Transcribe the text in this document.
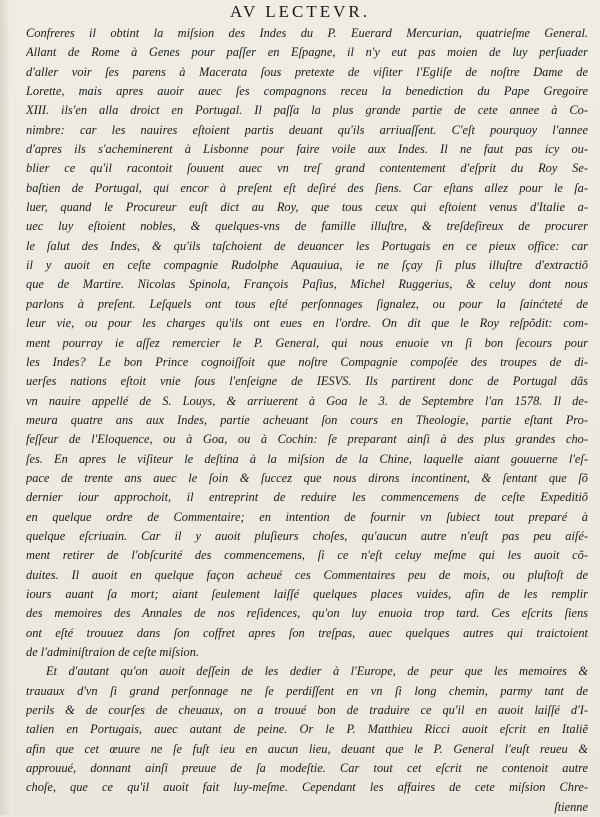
AV LECTEVR.
Confreres il obtint la miſsion des Indes du P. Euerard Mercurian, quatrieſme General.
Allant de Rome à Genes pour paſſer en Eſpagne, il n'y eut pas moien de luy perſuader
d'aller voir ſes parens à Macerata ſous pretexte de viſiter l'Egliſe de noſtre Dame de
Lorette, mais apres auoir auec ſes compagnons receu la benediction du Pape Gregoire
XIII. ils'en alla droict en Portugal. Il paſſa la plus grande partie de cete annee à Co-
nimbre: car les nauires eſtoient partis deuant qu'ils arriuaſſent. C'eſt pourquoy l'annee
d'apres ils s'acheminerent à Lisbonne pour faire voile aux Indes. Il ne faut pas icy ou-
blier ce qu'il racontoit ſouuent auec vn treſ grand contentement d'eſprit du Roy Se-
baſtien de Portugal, qui encor à preſent eſt deſiré des ſiens. Car eſtans allez pour le ſa-
luer, quand le Procureur euſt dict au Roy, que tous ceux qui eſtoient venus d'Italie a-
uec luy eſtoient nobles, & quelques-vns de famille illuſtre, & treſdeſireux de procurer
le ſalut des Indes, & qu'ils taſchoient de deuancer les Portugais en ce pieux office: car
il y auoit en ceſte compagnie Rudolphe Aquauiua, ie ne ſçay ſi plus illuſtre d'extractiõ
que de Martire. Nicolas Spinola, François Paſius, Michel Ruggerius, & celuy dont nous
parlons à preſent. Leſquels ont tous eſté perſonnages ſignalez, ou pour la ſainćteté de
leur vie, ou pour les charges qu'ils ont eues en l'ordre. On dit que le Roy reſpõdit: com-
ment pourray ie aſſez remercier le P. General, qui nous enuoie vn ſi bon ſecours pour
les Indes? Le bon Prince cognoiſſoit que noſtre Compagnie compoſée des troupes de di-
uerſes nations eſtoit vnie ſous l'enſeigne de IESVS. Ils partirent donc de Portugal dãs
vn nauire appellé de S. Louys, & arriuerent à Goa le 3. de Septembre l'an 1578. Il de-
meura quatre ans aux Indes, partie acheuant ſon cours en Theologie, partie eſtant Pro-
feſſeur de l'Eloquence, ou à Goa, ou à Cochin: ſe preparant ainſi à des plus grandes cho-
ſes. En apres le viſiteur le deſtina à la miſsion de la Chine, laquelle aiant gouuerne l'eſ-
pace de trente ans auec le ſoin & ſuccez que nous dirons incontinent, & ſentant que ſõ
dernier iour approchoit, il entreprint de reduire les commencemens de ceſte Expeditiõ
en quelque ordre de Commentaire; en intention de fournir vn ſubiect tout preparé à
quelque eſcriuain. Car il y auoit pluſieurs choſes, qu'aucun autre n'euſt pas peu aiſé-
ment retirer de l'obſcurité des commencemens, ſi ce n'eſt celuy meſme qui les auoit cõ-
duites. Il auoit en quelque façon acheué ces Commentaires peu de mois, ou pluſtoſt de
iours auant ſa mort; aiant ſeulement laiſſé quelques places vuides, afin de les remplir
des memoires des Annales de nos reſidences, qu'on luy enuoia trop tard. Ces eſcrits ſiens
ont eſté trouuez dans ſon coffret apres ſon treſpas, auec quelques autres qui traictoient
de l'adminiſtraion de ceſte miſsion.
Et d'autant qu'on auoit deſſein de les dedier à l'Europe, de peur que les memoires &
trauaux d'vn ſi grand perſonnage ne ſe perdiſſent en vn ſi long chemin, parmy tant de
perils & de courſes de cheuaux, on a trouué bon de traduire ce qu'il en auoit laiſſé d'I-
talien en Portugais, auec autant de peine. Or le P. Matthieu Ricci auoit eſcrit en Italiẽ
afin que cet œuure ne ſe fuſt ieu en aucun lieu, deuant que le P. General l'euſt reueu &
approuué, donnant ainſi preuue de ſa modeſtie. Car tout cet eſcrit ne contenoit autre
choſe, que ce qu'il auoit fait luy-meſme. Cependant les affaires de cete miſsion Chre-
ſtienne
